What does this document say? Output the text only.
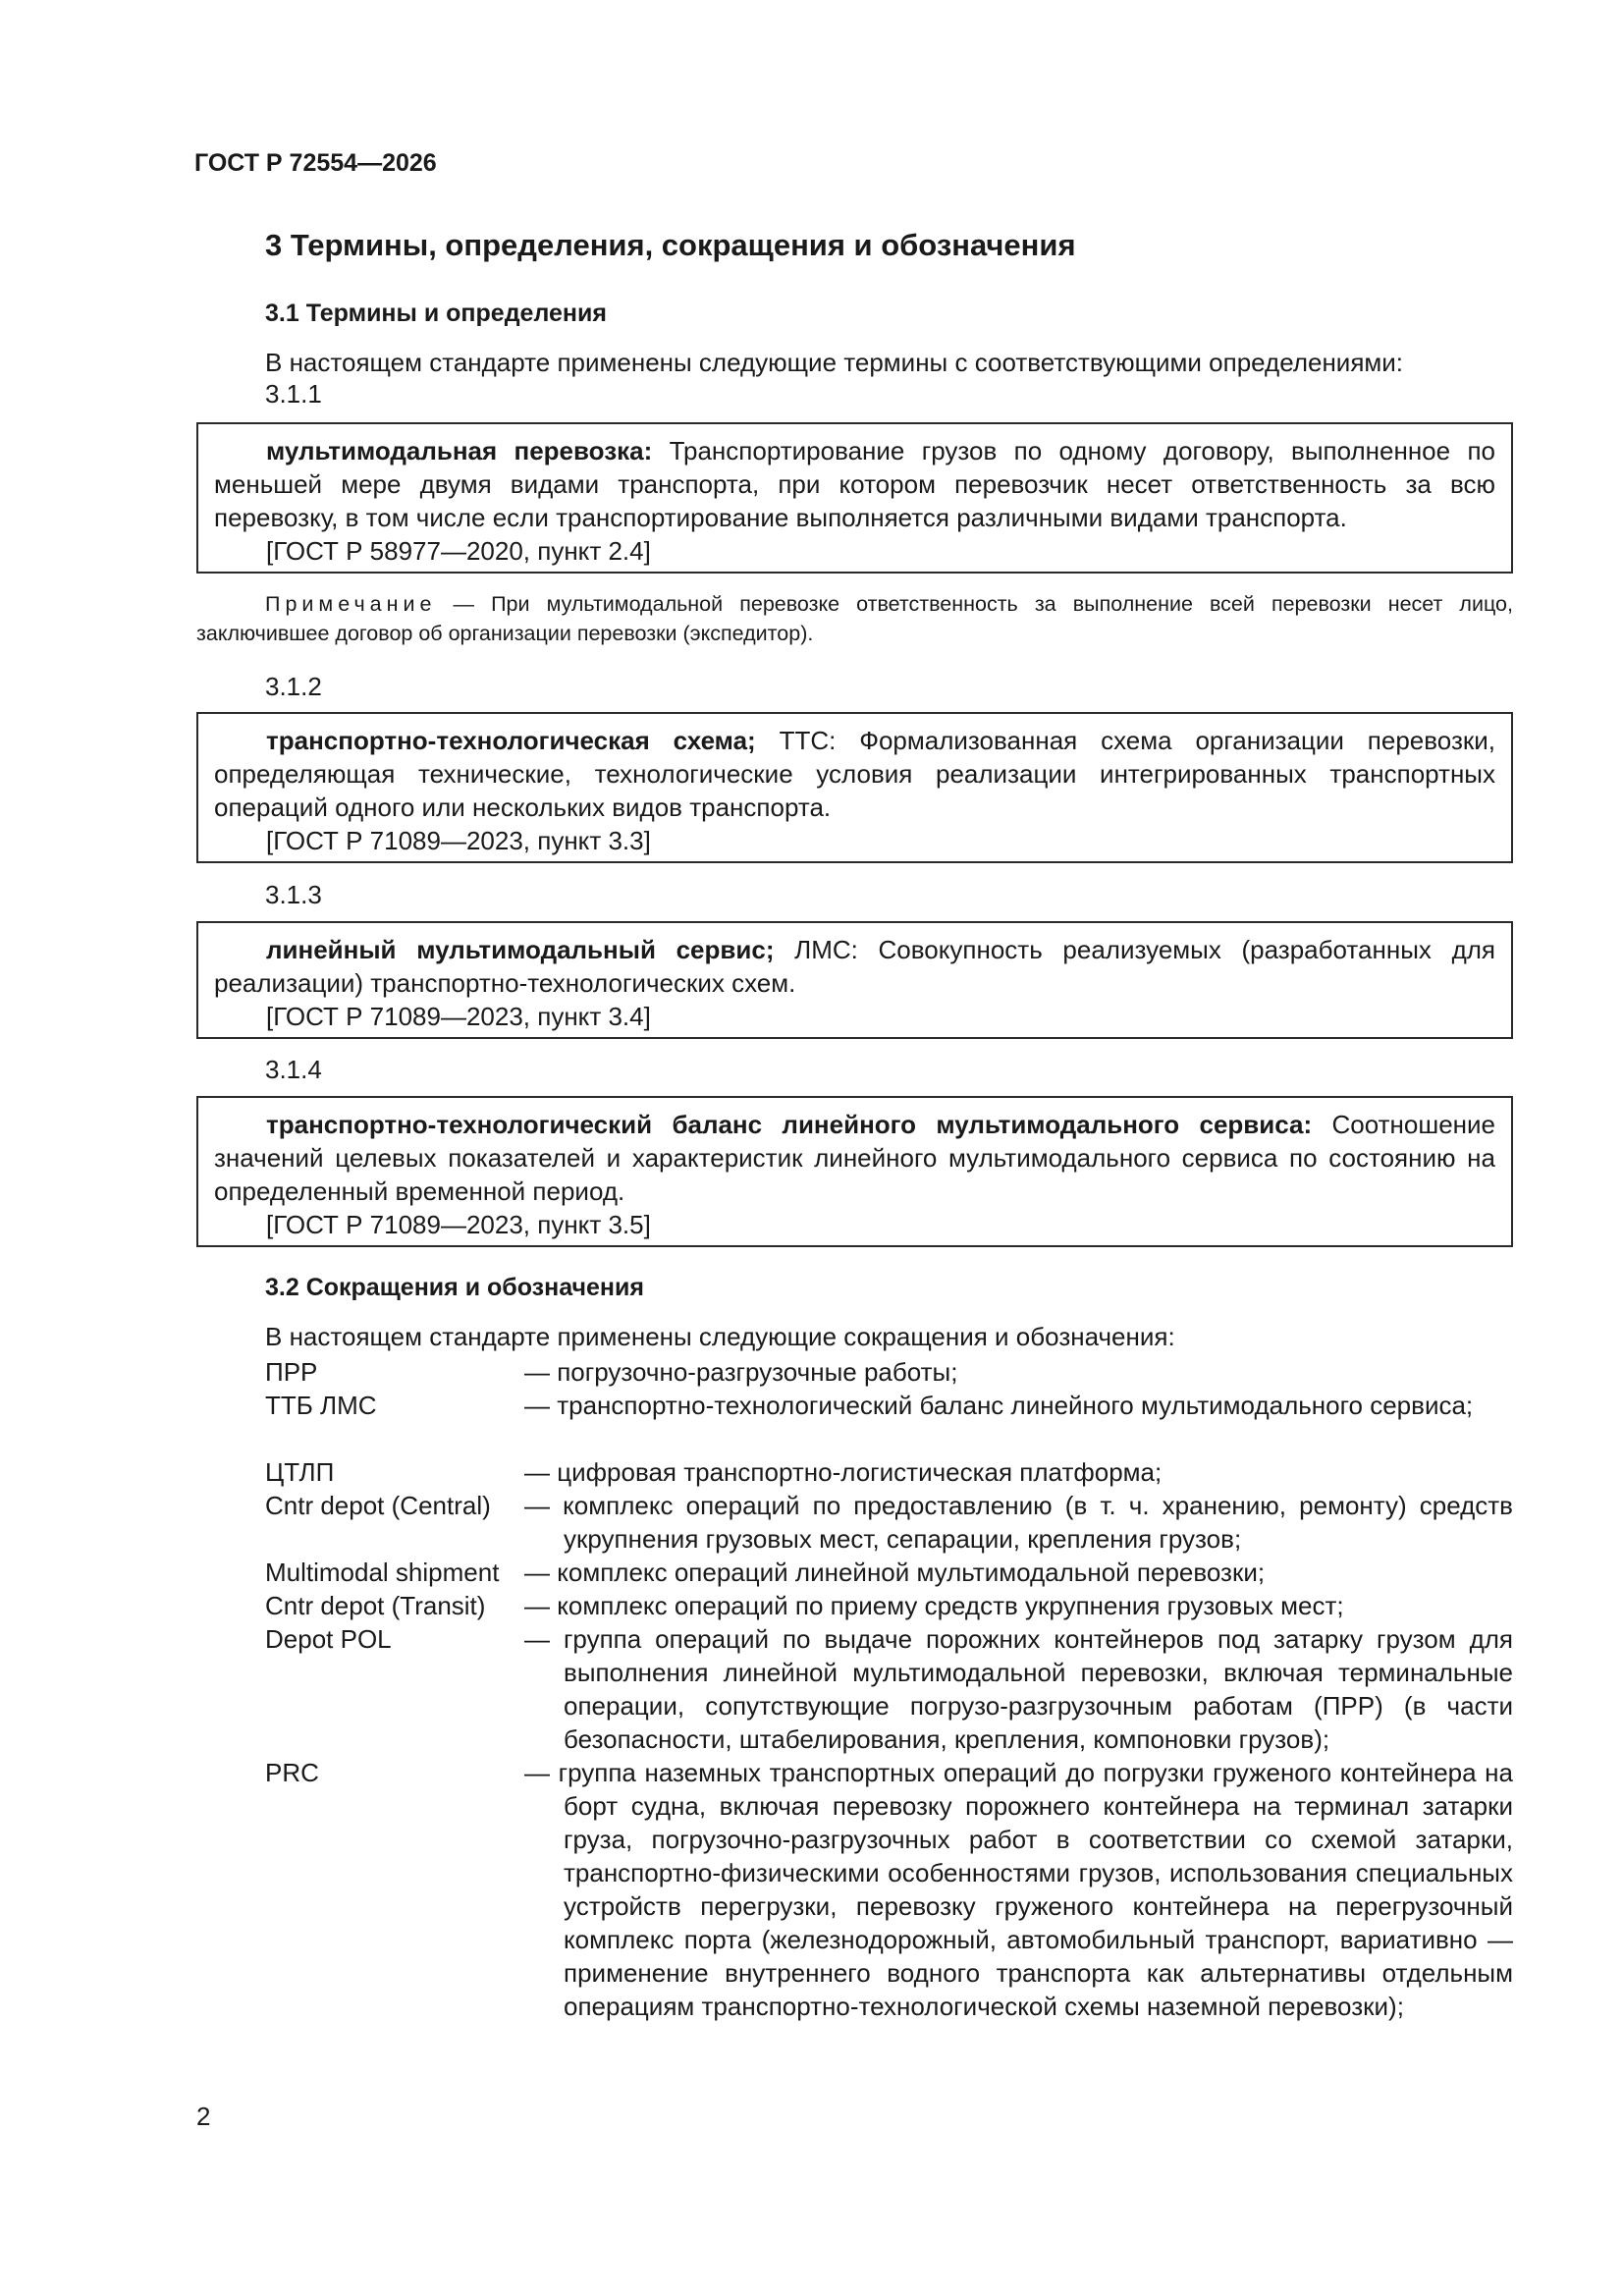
ГОСТ Р 72554—2026
3 Термины, определения, сокращения и обозначения
3.1 Термины и определения
В настоящем стандарте применены следующие термины с соответствующими определениями:
3.1.1
мультимодальная перевозка: Транспортирование грузов по одному договору, выполненное по меньшей мере двумя видами транспорта, при котором перевозчик несет ответственность за всю перевозку, в том числе если транспортирование выполняется различными видами транспорта.
[ГОСТ Р 58977—2020, пункт 2.4]
Примечание — При мультимодальной перевозке ответственность за выполнение всей перевозки несет лицо, заключившее договор об организации перевозки (экспедитор).
3.1.2
транспортно-технологическая схема; ТТС: Формализованная схема организации перевозки, определяющая технические, технологические условия реализации интегрированных транспортных операций одного или нескольких видов транспорта.
[ГОСТ Р 71089—2023, пункт 3.3]
3.1.3
линейный мультимодальный сервис; ЛМС: Совокупность реализуемых (разработанных для реализации) транспортно-технологических схем.
[ГОСТ Р 71089—2023, пункт 3.4]
3.1.4
транспортно-технологический баланс линейного мультимодального сервиса: Соотношение значений целевых показателей и характеристик линейного мультимодального сервиса по состоянию на определенный временной период.
[ГОСТ Р 71089—2023, пункт 3.5]
3.2 Сокращения и обозначения
В настоящем стандарте применены следующие сокращения и обозначения:
ПРР	— погрузочно-разгрузочные работы;
ТТБ ЛМС	— транспортно-технологический баланс линейного мультимодального сервиса;
ЦТЛП	— цифровая транспортно-логистическая платформа;
Cntr depot (Central)	— комплекс операций по предоставлению (в т. ч. хранению, ремонту) средств укрупнения грузовых мест, сепарации, крепления грузов;
Multimodal shipment — комплекс операций линейной мультимодальной перевозки;
Cntr depot (Transit)	— комплекс операций по приему средств укрупнения грузовых мест;
Depot POL	— группа операций по выдаче порожних контейнеров под затарку грузом для выполнения линейной мультимодальной перевозки, включая терминальные операции, сопутствующие погрузо-разгрузочным работам (ПРР) (в части безопасности, штабелирования, крепления, компоновки грузов);
PRC	— группа наземных транспортных операций до погрузки груженого контейнера на борт судна, включая перевозку порожнего контейнера на терминал затарки груза, погрузочно-разгрузочных работ в соответствии со схемой затарки, транспортно-физическими особенностями грузов, использования специальных устройств перегрузки, перевозку груженого контейнера на перегрузочный комплекс порта (железнодорожный, автомобильный транспорт, вариативно — применение внутреннего водного транспорта как альтернативы отдельным операциям транспортно-технологической схемы наземной перевозки);
2
